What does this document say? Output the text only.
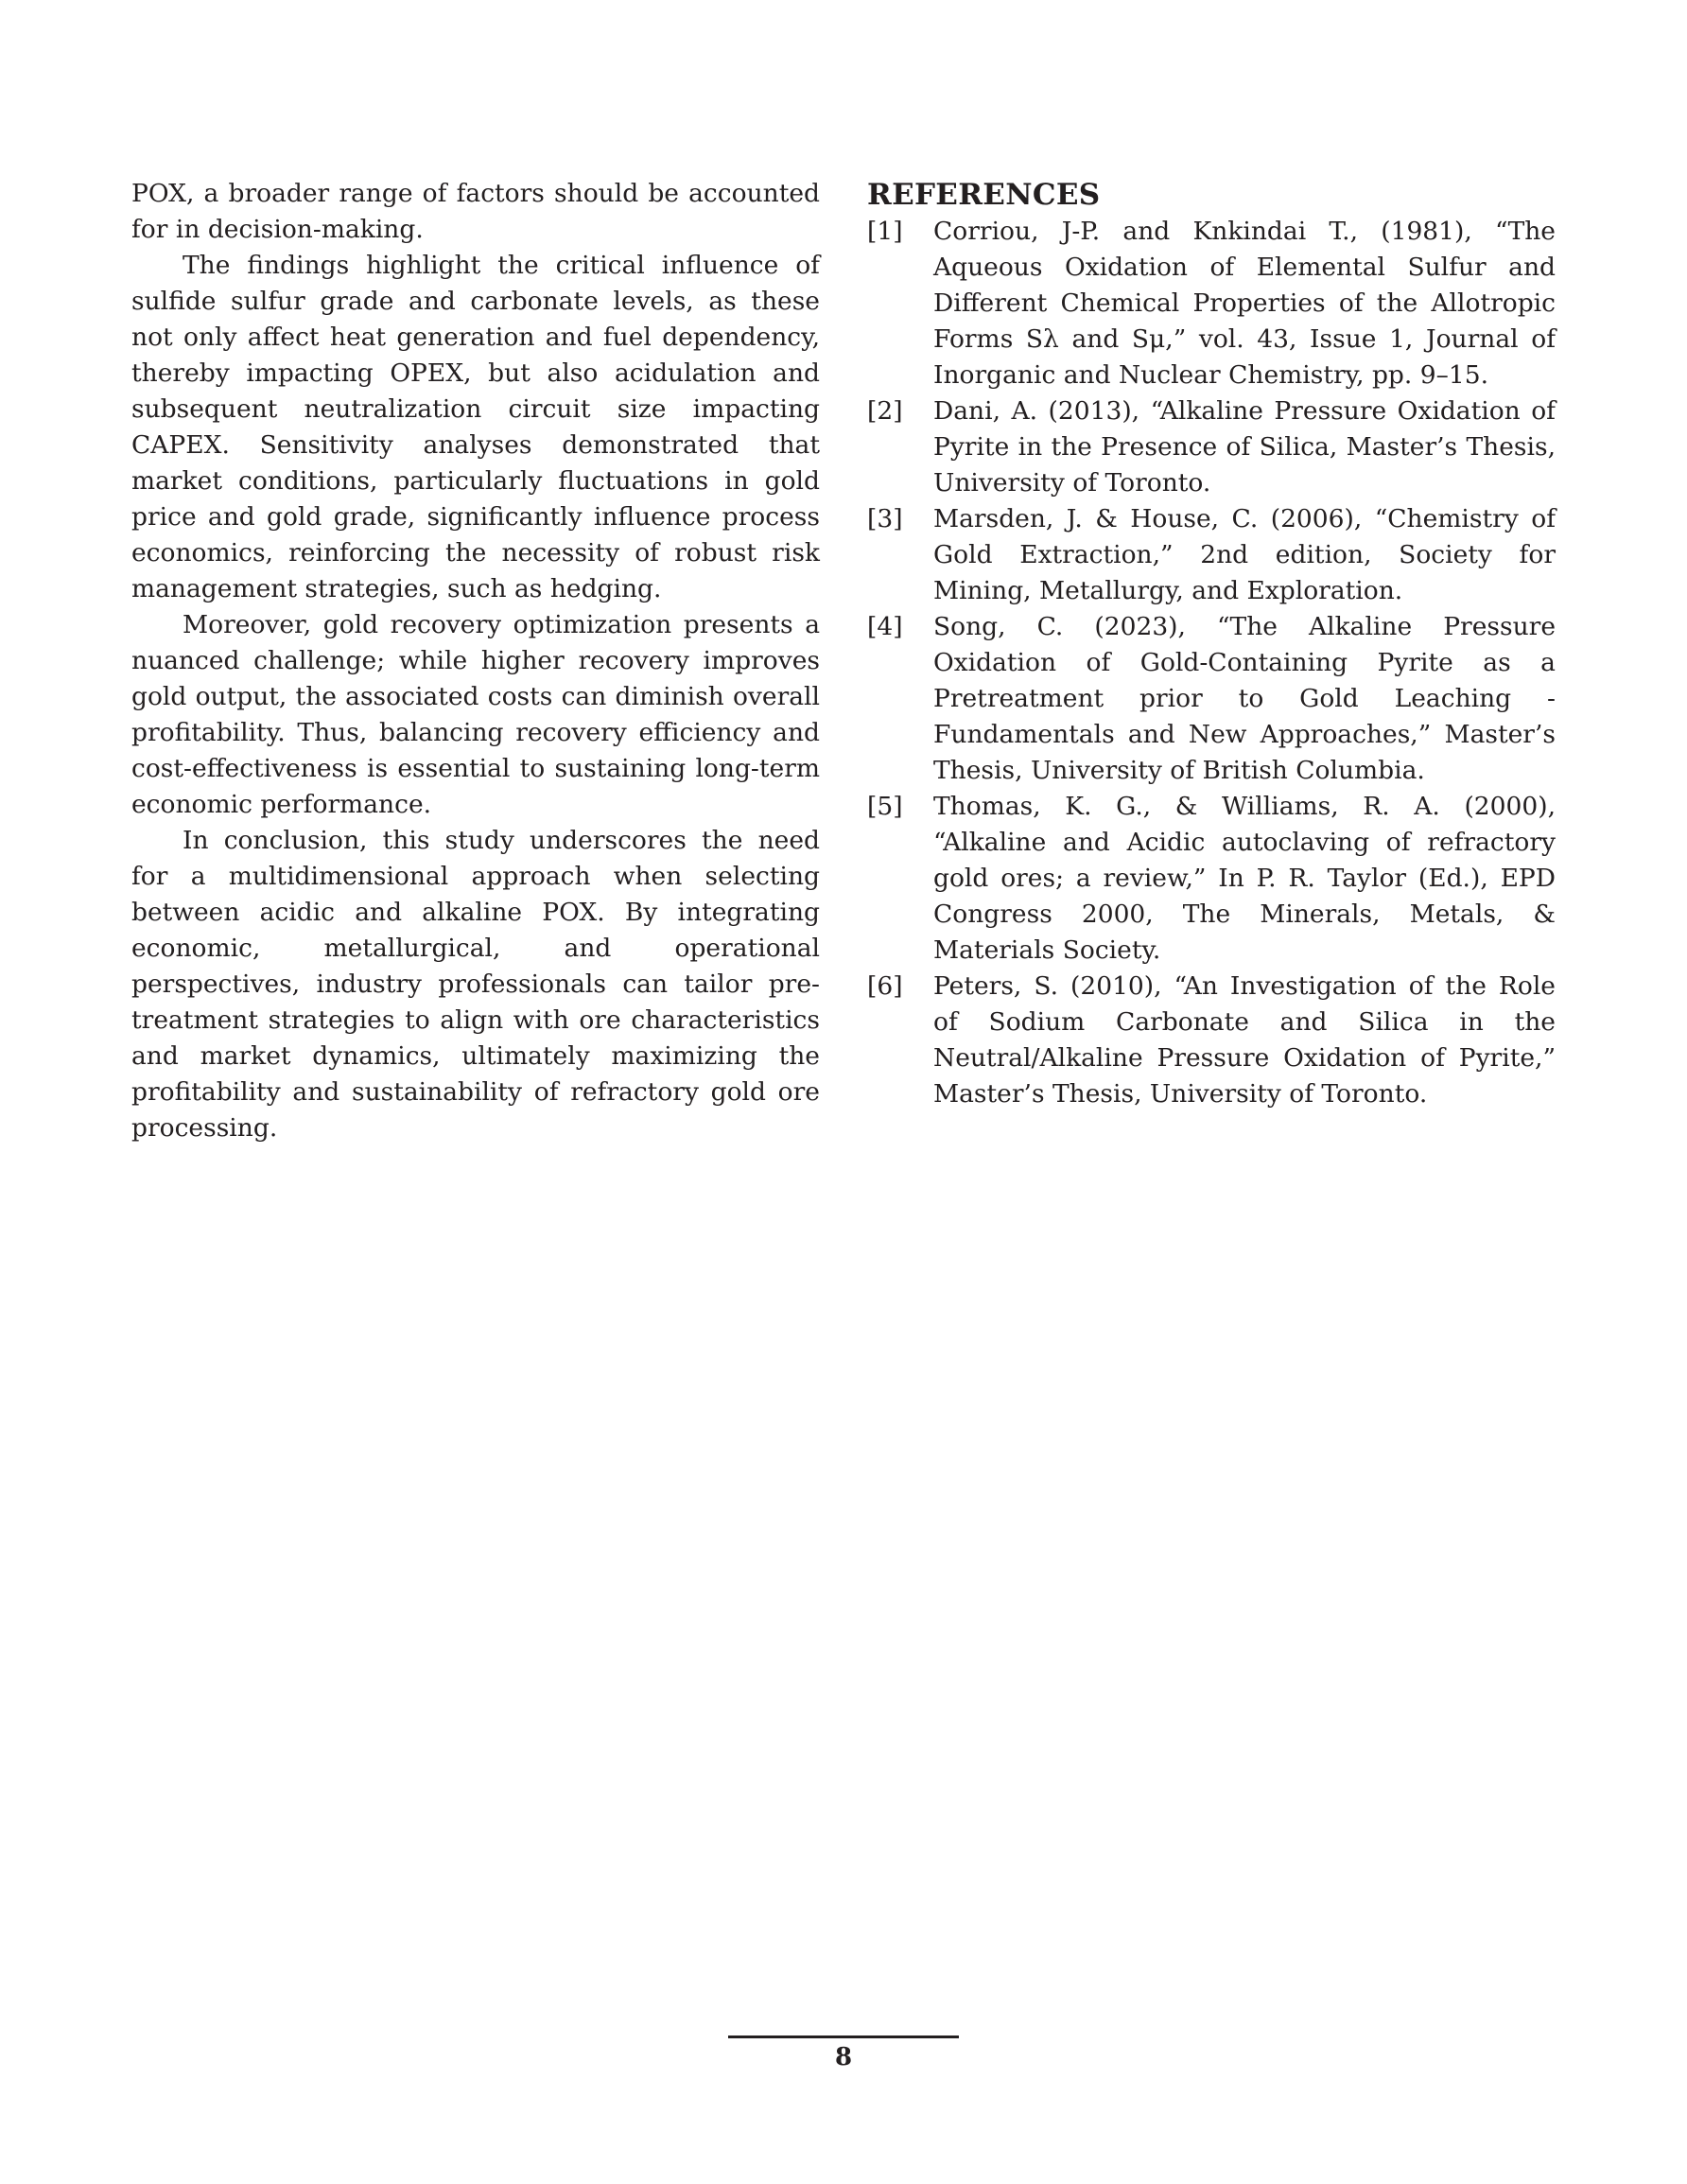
POX, a broader range of factors should be accounted for in decision-making.

The findings highlight the critical influence of sulfide sulfur grade and carbonate levels, as these not only affect heat generation and fuel dependency, thereby impacting OPEX, but also acidulation and subsequent neutralization circuit size impacting CAPEX. Sensitivity analyses demonstrated that market conditions, particularly fluctuations in gold price and gold grade, significantly influence process economics, reinforcing the necessity of robust risk management strategies, such as hedging.

Moreover, gold recovery optimization presents a nuanced challenge; while higher recovery improves gold output, the associated costs can diminish overall profitability. Thus, balancing recovery efficiency and cost-effectiveness is essential to sustaining long-term economic performance.

In conclusion, this study underscores the need for a multidimensional approach when selecting between acidic and alkaline POX. By integrating economic, metallurgical, and operational perspectives, industry professionals can tailor pre-treatment strategies to align with ore characteristics and market dynamics, ultimately maximizing the profitability and sustainability of refractory gold ore processing.

REFERENCES
[1]	Corriou, J-P. and Knkindai T., (1981), “The Aqueous Oxidation of Elemental Sulfur and Different Chemical Properties of the Allotropic Forms Sλ and Sμ,” vol. 43, Issue 1, Journal of Inorganic and Nuclear Chemistry, pp. 9–15.
[2]	Dani, A. (2013), “Alkaline Pressure Oxidation of Pyrite in the Presence of Silica, Master’s Thesis, University of Toronto.
[3]	Marsden, J. & House, C. (2006), “Chemistry of Gold Extraction,” 2nd edition, Society for Mining, Metallurgy, and Exploration.
[4]	Song, C. (2023), “The Alkaline Pressure Oxidation of Gold-Containing Pyrite as a Pretreatment prior to Gold Leaching - Fundamentals and New Approaches,” Master’s Thesis, University of British Columbia.
[5]	Thomas, K. G., & Williams, R. A. (2000), “Alkaline and Acidic autoclaving of refractory gold ores; a review,” In P. R. Taylor (Ed.), EPD Congress 2000, The Minerals, Metals, & Materials Society.
[6]	Peters, S. (2010), “An Investigation of the Role of Sodium Carbonate and Silica in the Neutral/Alkaline Pressure Oxidation of Pyrite,” Master’s Thesis, University of Toronto.
8
